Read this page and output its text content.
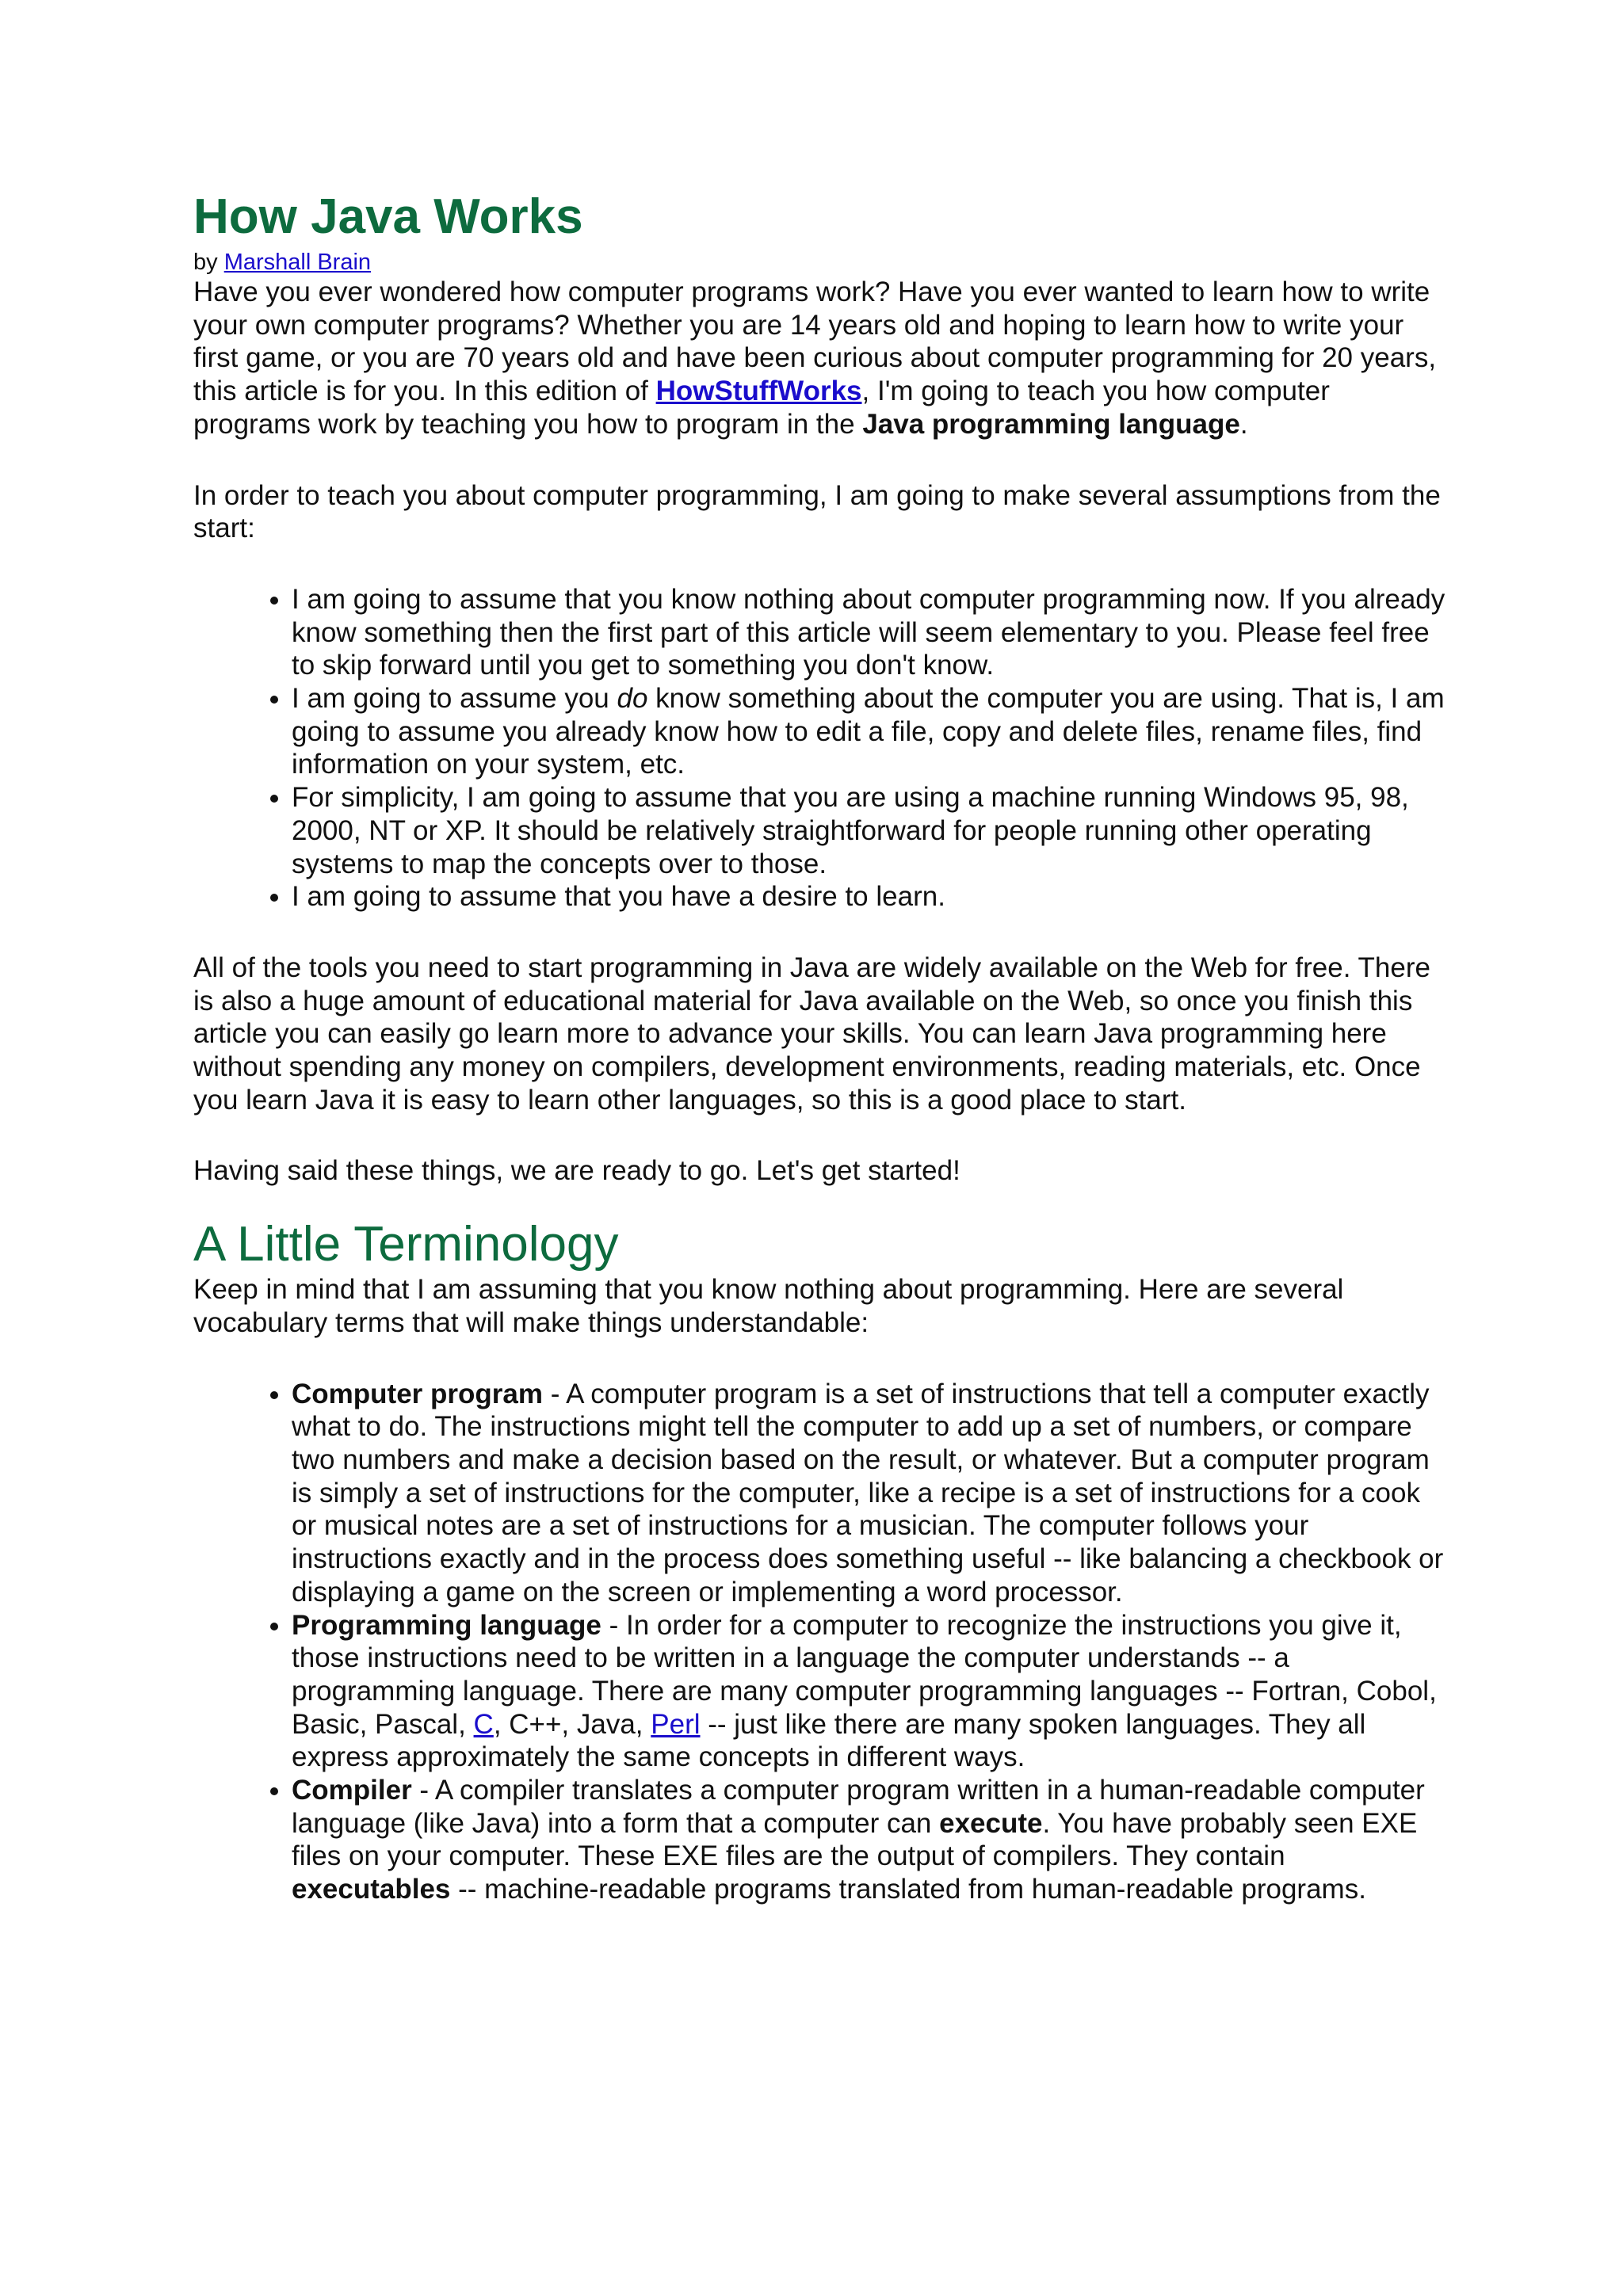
How Java Works
by Marshall Brain

Have you ever wondered how computer programs work? Have you ever wanted to learn how to write your own computer programs? Whether you are 14 years old and hoping to learn how to write your first game, or you are 70 years old and have been curious about computer programming for 20 years, this article is for you. In this edition of HowStuffWorks, I'm going to teach you how computer programs work by teaching you how to program in the Java programming language.

In order to teach you about computer programming, I am going to make several assumptions from the start:

• I am going to assume that you know nothing about computer programming now. If you already know something then the first part of this article will seem elementary to you. Please feel free to skip forward until you get to something you don't know.
• I am going to assume you do know something about the computer you are using. That is, I am going to assume you already know how to edit a file, copy and delete files, rename files, find information on your system, etc.
• For simplicity, I am going to assume that you are using a machine running Windows 95, 98, 2000, NT or XP. It should be relatively straightforward for people running other operating systems to map the concepts over to those.
• I am going to assume that you have a desire to learn.

All of the tools you need to start programming in Java are widely available on the Web for free. There is also a huge amount of educational material for Java available on the Web, so once you finish this article you can easily go learn more to advance your skills. You can learn Java programming here without spending any money on compilers, development environments, reading materials, etc. Once you learn Java it is easy to learn other languages, so this is a good place to start.

Having said these things, we are ready to go. Let's get started!

A Little Terminology

Keep in mind that I am assuming that you know nothing about programming. Here are several vocabulary terms that will make things understandable:

• Computer program - A computer program is a set of instructions that tell a computer exactly what to do. The instructions might tell the computer to add up a set of numbers, or compare two numbers and make a decision based on the result, or whatever. But a computer program is simply a set of instructions for the computer, like a recipe is a set of instructions for a cook or musical notes are a set of instructions for a musician. The computer follows your instructions exactly and in the process does something useful -- like balancing a checkbook or displaying a game on the screen or implementing a word processor.
• Programming language - In order for a computer to recognize the instructions you give it, those instructions need to be written in a language the computer understands -- a programming language. There are many computer programming languages -- Fortran, Cobol, Basic, Pascal, C, C++, Java, Perl -- just like there are many spoken languages. They all express approximately the same concepts in different ways.
• Compiler - A compiler translates a computer program written in a human-readable computer language (like Java) into a form that a computer can execute. You have probably seen EXE files on your computer. These EXE files are the output of compilers. They contain executables -- machine-readable programs translated from human-readable programs.
